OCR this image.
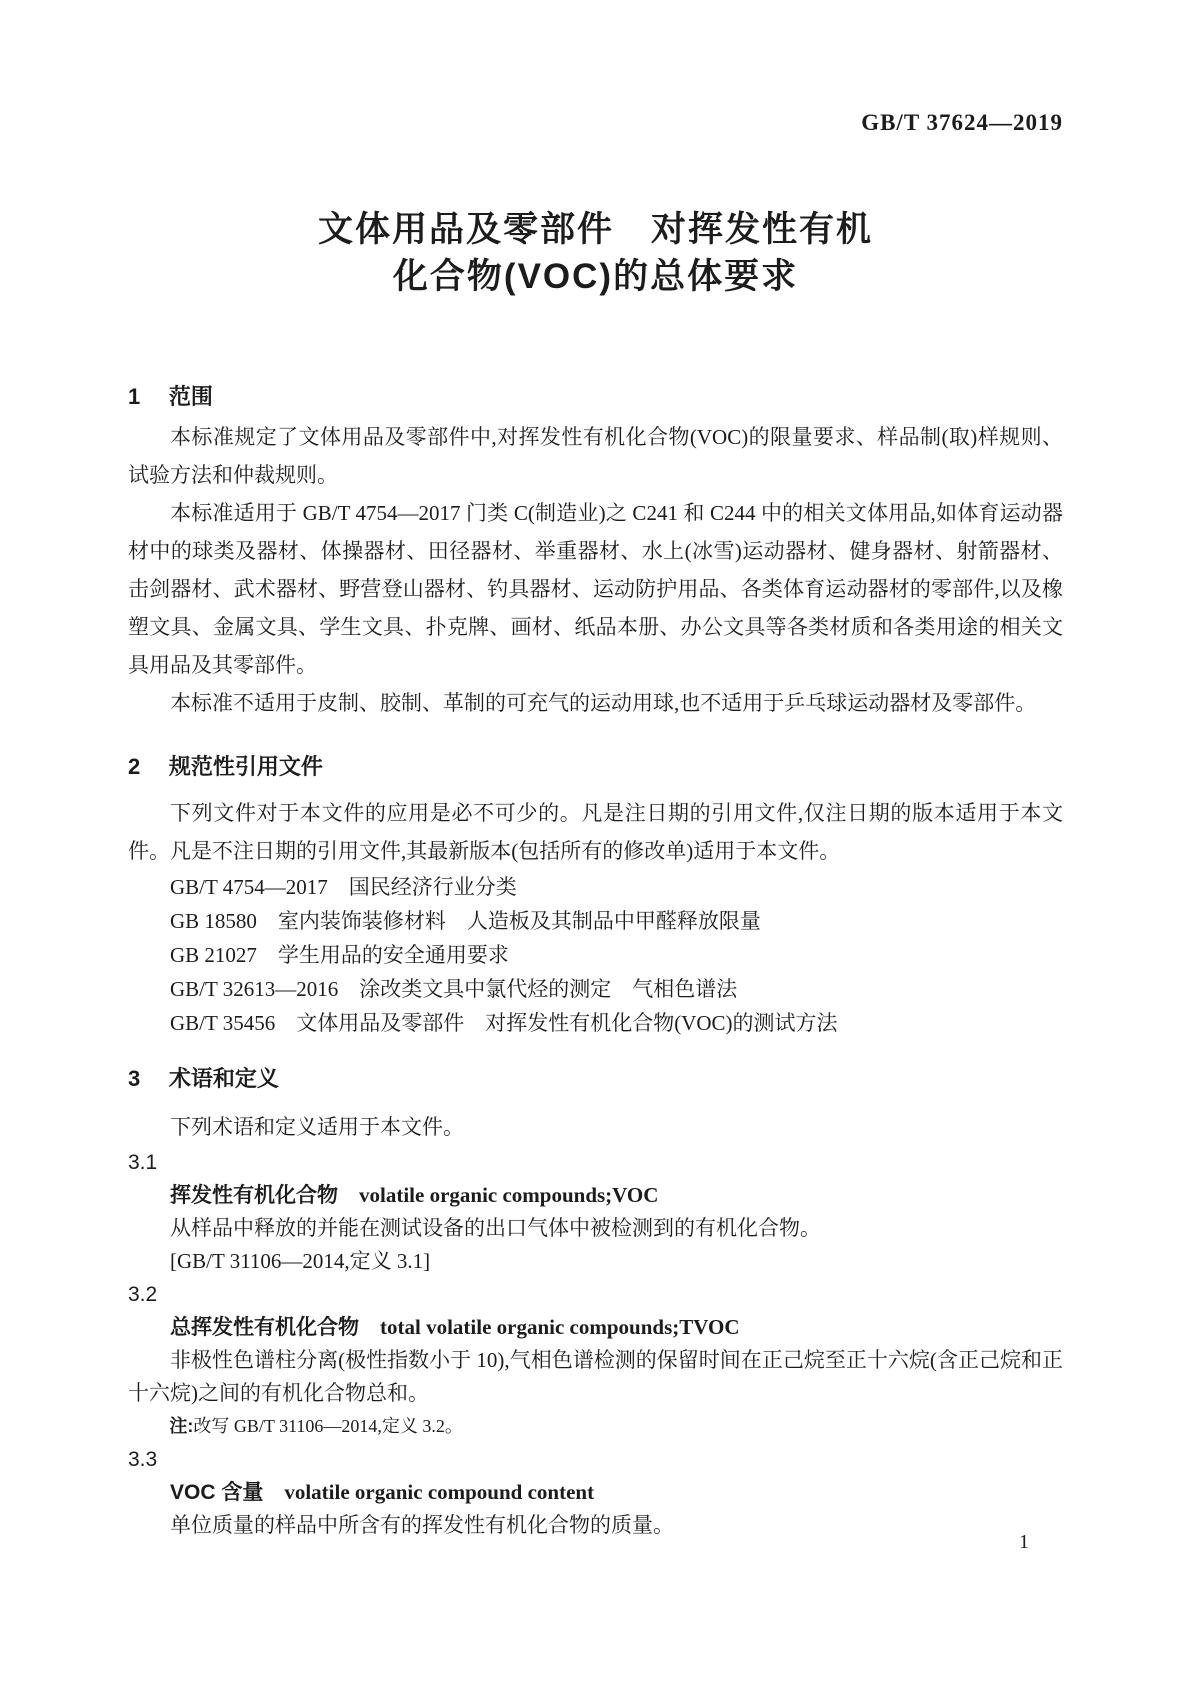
GB/T 37624—2019
文体用品及零部件　对挥发性有机
化合物(VOC)的总体要求
1 范围

本标准规定了文体用品及零部件中,对挥发性有机化合物(VOC)的限量要求、样品制(取)样规则、试验方法和仲裁规则。

本标准适用于 GB/T 4754—2017 门类 C(制造业)之 C241 和 C244 中的相关文体用品,如体育运动器材中的球类及器材、体操器材、田径器材、举重器材、水上(冰雪)运动器材、健身器材、射箭器材、击剑器材、武术器材、野营登山器材、钓具器材、运动防护用品、各类体育运动器材的零部件,以及橡塑文具、金属文具、学生文具、扑克牌、画材、纸品本册、办公文具等各类材质和各类用途的相关文具用品及其零部件。

本标准不适用于皮制、胶制、革制的可充气的运动用球,也不适用于乒乓球运动器材及零部件。

2 规范性引用文件

下列文件对于本文件的应用是必不可少的。凡是注日期的引用文件,仅注日期的版本适用于本文件。凡是不注日期的引用文件,其最新版本(包括所有的修改单)适用于本文件。

GB/T 4754—2017　国民经济行业分类

GB 18580　室内装饰装修材料　人造板及其制品中甲醛释放限量

GB 21027　学生用品的安全通用要求

GB/T 32613—2016　涂改类文具中氯代烃的测定　气相色谱法

GB/T 35456　文体用品及零部件　对挥发性有机化合物(VOC)的测试方法

3 术语和定义

下列术语和定义适用于本文件。

3.1
挥发性有机化合物 volatile organic compounds;VOC

从样品中释放的并能在测试设备的出口气体中被检测到的有机化合物。

[GB/T 31106—2014,定义 3.1]

3.2
总挥发性有机化合物 total volatile organic compounds;TVOC

非极性色谱柱分离(极性指数小于 10),气相色谱检测的保留时间在正己烷至正十六烷(含正己烷和正十六烷)之间的有机化合物总和。

注:改写 GB/T 31106—2014,定义 3.2。

3.3
VOC 含量 volatile organic compound content

单位质量的样品中所含有的挥发性有机化合物的质量。

1
